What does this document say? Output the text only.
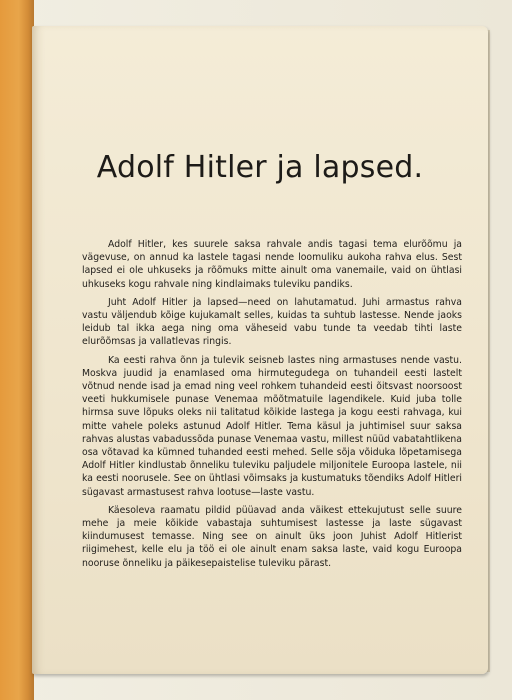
Adolf Hitler ja lapsed.

Adolf Hitler, kes suurele saksa rahvale andis tagasi tema elurõõmu ja vägevuse, on annud ka lastele tagasi nende loomuliku aukoha rahva elus. Sest lapsed ei ole uhkuseks ja rõõmuks mitte ainult oma vanemaile, vaid on ühtlasi uhkuseks kogu rahvale ning kindlaimaks tuleviku pandiks.

Juht Adolf Hitler ja lapsed—need on lahutamatud. Juhi armastus rahva vastu väljendub kõige kujukamalt selles, kuidas ta suhtub lastesse. Nende jaoks leidub tal ikka aega ning oma väheseid vabu tunde ta veedab tihti laste elurõõmsas ja vallatlevas ringis.

Ka eesti rahva õnn ja tulevik seisneb lastes ning armastuses nende vastu. Moskva juudid ja enamlased oma hirmutegudega on tuhandeil eesti lastelt võtnud nende isad ja emad ning veel rohkem tuhandeid eesti õitsvast noorsoost veeti hukkumisele punase Venemaa mõõtmatuile lagendikele. Kuid juba tolle hirmsa suve lõpuks oleks nii talitatud kõikide lastega ja kogu eesti rahvaga, kui mitte vahele poleks astunud Adolf Hitler. Tema käsul ja juhtimisel suur saksa rahvas alustas vabadussõda punase Venemaa vastu, millest nüüd vabatahtlikena osa võtavad ka kümned tuhanded eesti mehed. Selle sõja võiduka lõpetamisega Adolf Hitler kindlustab õnneliku tuleviku paljudele miljonitele Euroopa lastele, nii ka eesti noorusele. See on ühtlasi võimsaks ja kustumatuks tõendiks Adolf Hitleri sügavast armastusest rahva lootuse—laste vastu.

Käesoleva raamatu pildid püüavad anda väikest ettekujutust selle suure mehe ja meie kõikide vabastaja suhtumisest lastesse ja laste sügavast kiindumusest temasse. Ning see on ainult üks joon Juhist Adolf Hitlerist riigimehest, kelle elu ja töö ei ole ainult enam saksa laste, vaid kogu Euroopa nooruse õnneliku ja päikesepaistelise tuleviku pärast.
